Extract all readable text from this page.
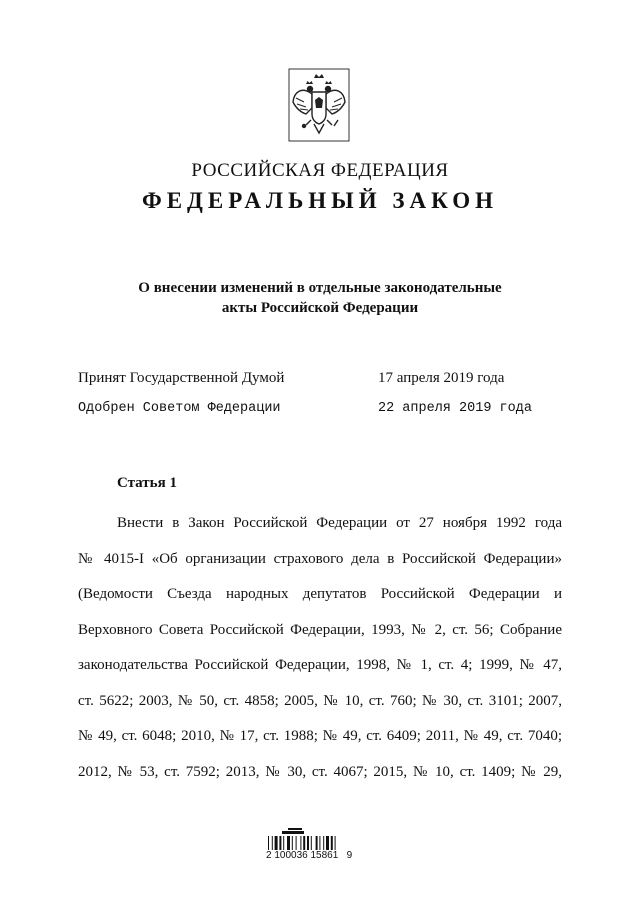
РОССИЙСКАЯ ФЕДЕРАЦИЯ
ФЕДЕРАЛЬНЫЙ ЗАКОН
О внесении изменений в отдельные законодательные
акты Российской Федерации
Принят Государственной Думой	17 апреля 2019 года
Одобрен Советом Федерации	22 апреля 2019 года
Статья 1
Внести в Закон Российской Федерации от 27 ноября 1992 года
№ 4015-I «Об организации страхового дела в Российской Федерации»
(Ведомости Съезда народных депутатов Российской Федерации и
Верховного Совета Российской Федерации, 1993, № 2, ст. 56; Собрание
законодательства Российской Федерации, 1998, № 1, ст. 4; 1999, № 47,
ст. 5622; 2003, № 50, ст. 4858; 2005, № 10, ст. 760; № 30, ст. 3101; 2007,
№ 49, ст. 6048; 2010, № 17, ст. 1988; № 49, ст. 6409; 2011, № 49, ст. 7040;
2012, № 53, ст. 7592; 2013, № 30, ст. 4067; 2015, № 10, ст. 1409; № 29,
2 100036 15861   9
